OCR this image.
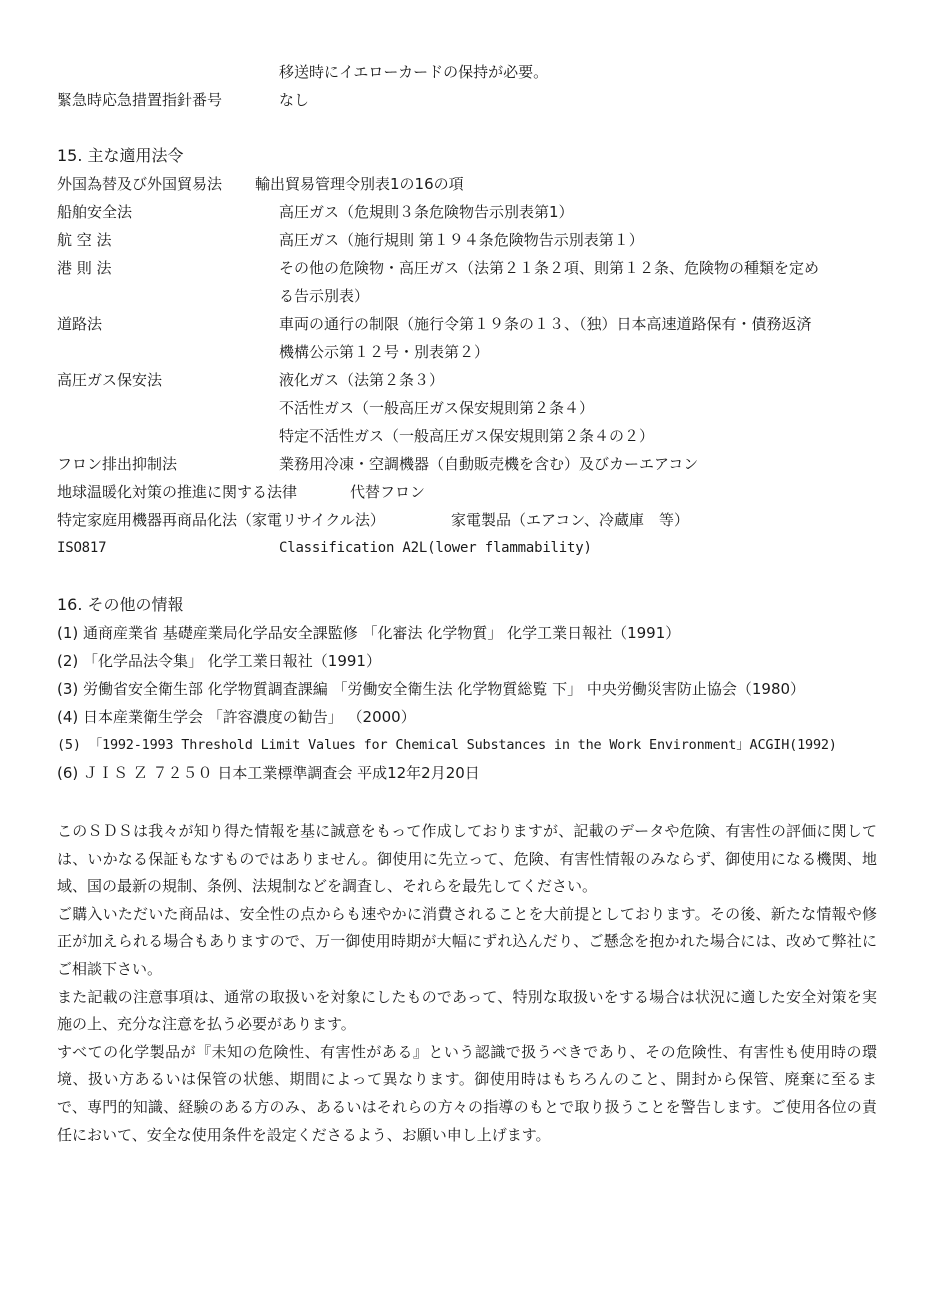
移送時にイエローカードの保持が必要。
緊急時応急措置指針番号	なし
15. 主な適用法令
外国為替及び外国貿易法 輸出貿易管理令別表1の16の項
船舶安全法	高圧ガス（危規則３条危険物告示別表第1）
航 空 法	高圧ガス（施行規則 第１９４条危険物告示別表第１）
港 則 法	その他の危険物・高圧ガス（法第２１条２項、則第１２条、危険物の種類を定め
る告示別表）
道路法	車両の通行の制限（施行令第１９条の１３、（独）日本高速道路保有・債務返済
機構公示第１２号・別表第２）
高圧ガス保安法	液化ガス（法第２条３）
不活性ガス（一般高圧ガス保安規則第２条４）
特定不活性ガス（一般高圧ガス保安規則第２条４の２）
フロン排出抑制法	業務用冷凍・空調機器（自動販売機を含む）及びカーエアコン
地球温暖化対策の推進に関する法律	代替フロン
特定家庭用機器再商品化法（家電リサイクル法）	家電製品（エアコン、冷蔵庫　等）
ISO817	Classification A2L(lower flammability)
16. その他の情報
(1) 通商産業省 基礎産業局化学品安全課監修 「化審法 化学物質」 化学工業日報社（1991）
(2) 「化学品法令集」 化学工業日報社（1991）
(3) 労働省安全衛生部 化学物質調査課編 「労働安全衛生法 化学物質総覧 下」 中央労働災害防止協会（1980）
(4) 日本産業衛生学会 「許容濃度の勧告」 （2000）
(5) 「1992-1993 Threshold Limit Values for Chemical Substances in the Work Environment」ACGIH(1992)
(6) ＪＩＳ Ｚ ７２５０ 日本工業標準調査会 平成12年2月20日

このＳＤＳは我々が知り得た情報を基に誠意をもって作成しておりますが、記載のデータや危険、有害性の評価に関しては、いかなる保証もなすものではありません。御使用に先立って、危険、有害性情報のみならず、御使用になる機関、地域、国の最新の規制、条例、法規制などを調査し、それらを最先してください。

ご購入いただいた商品は、安全性の点からも速やかに消費されることを大前提としております。その後、新たな情報や修正が加えられる場合もありますので、万一御使用時期が大幅にずれ込んだり、ご懸念を抱かれた場合には、改めて弊社にご相談下さい。

また記載の注意事項は、通常の取扱いを対象にしたものであって、特別な取扱いをする場合は状況に適した安全対策を実施の上、充分な注意を払う必要があります。

すべての化学製品が『未知の危険性、有害性がある』という認識で扱うべきであり、その危険性、有害性も使用時の環境、扱い方あるいは保管の状態、期間によって異なります。御使用時はもちろんのこと、開封から保管、廃棄に至るまで、専門的知識、経験のある方のみ、あるいはそれらの方々の指導のもとで取り扱うことを警告します。ご使用各位の責任において、安全な使用条件を設定くださるよう、お願い申し上げます。
